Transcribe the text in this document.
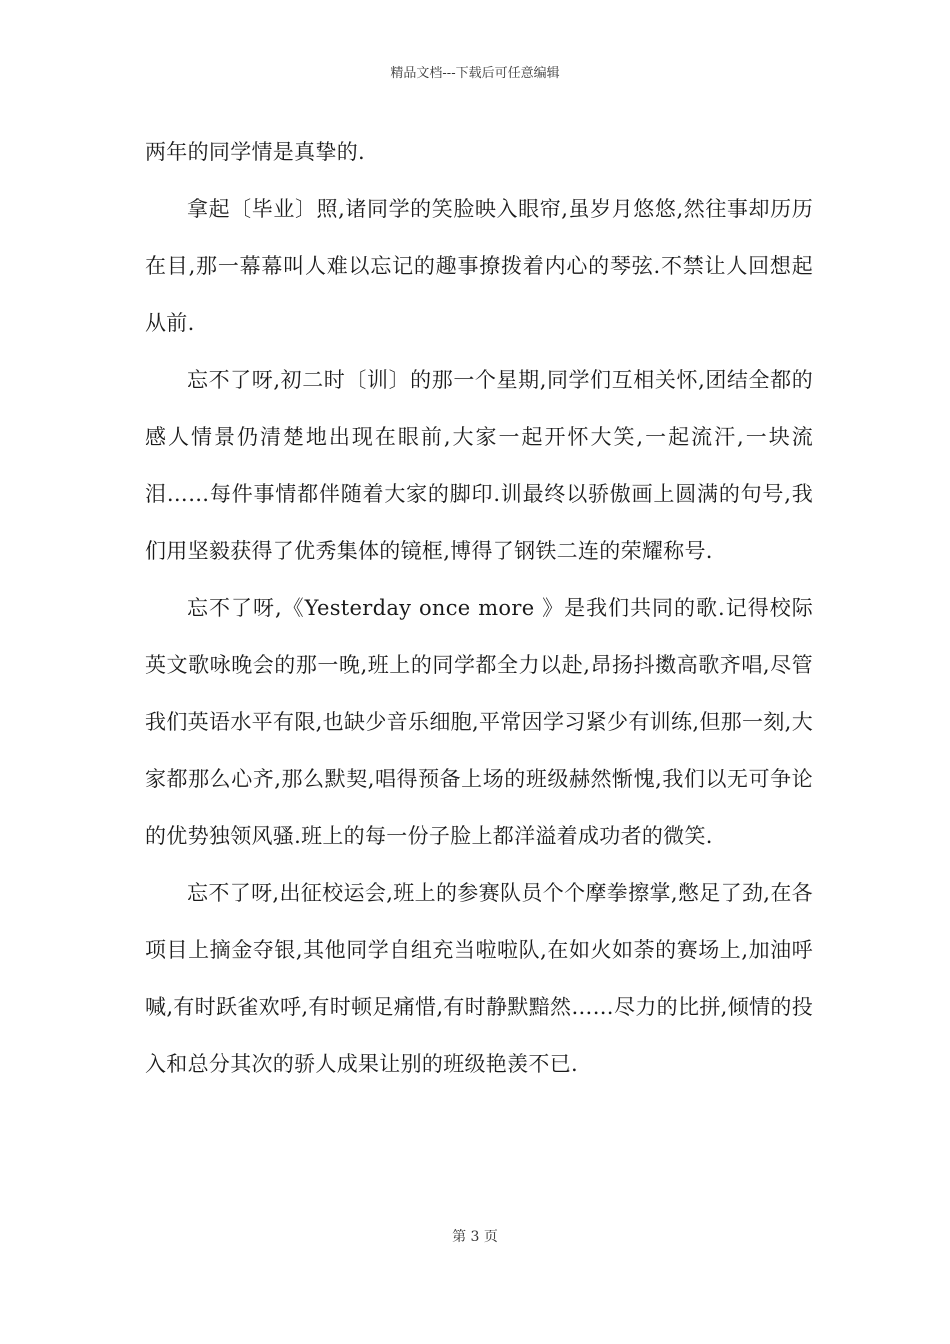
精品文档---下载后可任意编辑

两年的同学情是真挚的.

拿起〔毕业〕照,诸同学的笑脸映入眼帘,虽岁月悠悠,然往事却历历在目,那一幕幕叫人难以忘记的趣事撩拨着内心的琴弦.不禁让人回想起从前.

忘不了呀,初二时〔训〕的那一个星期,同学们互相关怀,团结全都的感人情景仍清楚地出现在眼前,大家一起开怀大笑,一起流汗,一块流泪……每件事情都伴随着大家的脚印.训最终以骄傲画上圆满的句号,我们用坚毅获得了优秀集体的镜框,博得了钢铁二连的荣耀称号.

忘不了呀,《Yesterday once more 》是我们共同的歌.记得校际英文歌咏晚会的那一晚,班上的同学都全力以赴,昂扬抖擞高歌齐唱,尽管我们英语水平有限,也缺少音乐细胞,平常因学习紧少有训练,但那一刻,大家都那么心齐,那么默契,唱得预备上场的班级赫然惭愧,我们以无可争论的优势独领风骚.班上的每一份子脸上都洋溢着成功者的微笑.

忘不了呀,出征校运会,班上的参赛队员个个摩拳擦掌,憋足了劲,在各项目上摘金夺银,其他同学自组充当啦啦队,在如火如荼的赛场上,加油呼喊,有时跃雀欢呼,有时顿足痛惜,有时静默黯然……尽力的比拼,倾情的投入和总分其次的骄人成果让别的班级艳羡不已.

第 3 页
